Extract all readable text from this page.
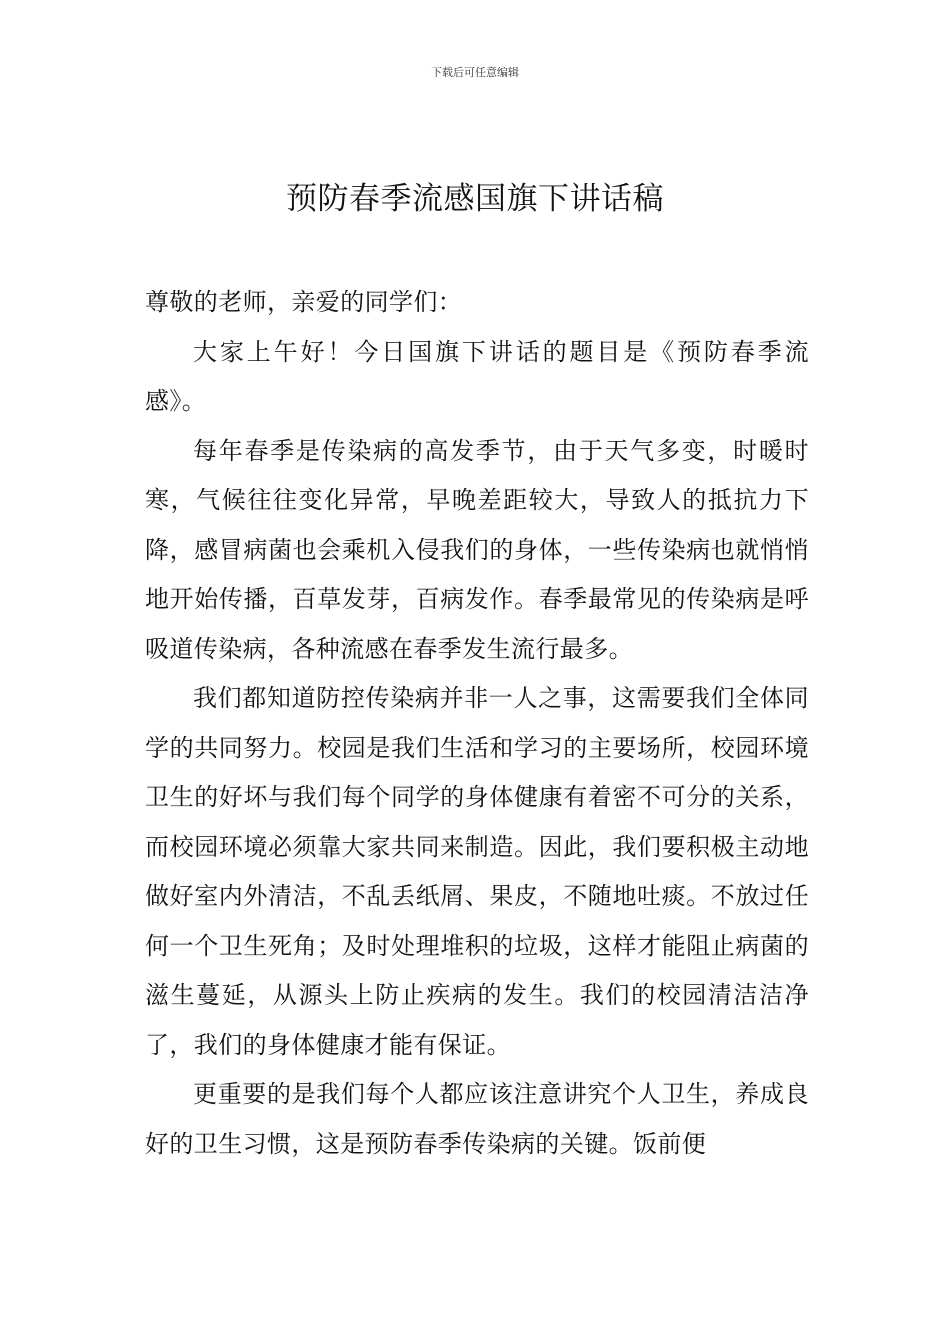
下载后可任意编辑
预防春季流感国旗下讲话稿

尊敬的老师，亲爱的同学们：

大家上午好！今日国旗下讲话的题目是《预防春季流感》。

每年春季是传染病的高发季节，由于天气多变，时暖时寒，气候往往变化异常，早晚差距较大，导致人的抵抗力下降，感冒病菌也会乘机入侵我们的身体，一些传染病也就悄悄地开始传播，百草发芽，百病发作。春季最常见的传染病是呼吸道传染病，各种流感在春季发生流行最多。

我们都知道防控传染病并非一人之事，这需要我们全体同学的共同努力。校园是我们生活和学习的主要场所，校园环境卫生的好坏与我们每个同学的身体健康有着密不可分的关系，而校园环境必须靠大家共同来制造。因此，我们要积极主动地做好室内外清洁，不乱丢纸屑、果皮，不随地吐痰。不放过任何一个卫生死角；及时处理堆积的垃圾，这样才能阻止病菌的滋生蔓延，从源头上防止疾病的发生。我们的校园清洁洁净了，我们的身体健康才能有保证。

更重要的是我们每个人都应该注意讲究个人卫生，养成良好的卫生习惯，这是预防春季传染病的关键。饭前便
